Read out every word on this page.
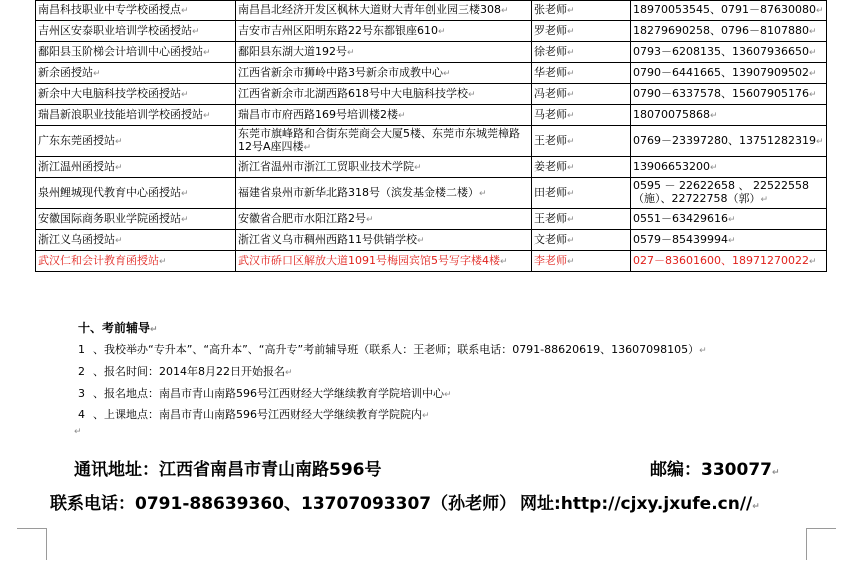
南昌科技职业中专学校函授点↵	南昌昌北经济开发区枫林大道财大青年创业园三楼308↵	张老师↵	18970053545、0791－87630080↵
吉州区安泰职业培训学校函授站↵	吉安市吉州区阳明东路22号东都银座610↵	罗老师↵	18279690258、0796－8107880↵
鄱阳县玉阶梯会计培训中心函授站↵	鄱阳县东湖大道192号↵	徐老师↵	0793－6208135、13607936650↵
新余函授站↵	江西省新余市狮岭中路3号新余市成教中心↵	华老师↵	0790－6441665、13907909502↵
新余中大电脑科技学校函授站↵	江西省新余市北湖西路618号中大电脑科技学校↵	冯老师↵	0790－6337578、15607905176↵
瑞昌新浪职业技能培训学校函授站↵	瑞昌市市府西路169号培训楼2楼↵	马老师↵	18070075868↵
广东东莞函授站↵	东莞市旗峰路和合街东莞商会大厦5楼、东莞市东城莞樟路12号A座四楼↵	王老师↵	0769－23397280、13751282319↵
浙江温州函授站↵	浙江省温州市浙江工贸职业技术学院↵	姜老师↵	13906653200↵
泉州鲤城现代教育中心函授站↵	福建省泉州市新华北路318号（滨发基金楼二楼）↵	田老师↵	0595 － 22622658 、 22522558（施）、22722758（郭）↵
安徽国际商务职业学院函授站↵	安徽省合肥市水阳江路2号↵	王老师↵	0551－63429616↵
浙江义乌函授站↵	浙江省义乌市稠州西路11号供销学校↵	文老师↵	0579－85439994↵
武汉仁和会计教育函授站↵	武汉市硚口区解放大道1091号梅园宾馆5号写字楼4楼↵	李老师↵	027－83601600、18971270022↵
十、考前辅导↵
1 、我校举办“专升本”、“高升本”、“高升专”考前辅导班（联系人：王老师；联系电话：0791-88620619、13607098105）↵
2 、报名时间：2014年8月22日开始报名↵
3 、报名地点：南昌市青山南路596号江西财经大学继续教育学院培训中心↵
4 、上课地点：南昌市青山南路596号江西财经大学继续教育学院院内↵
↵
通讯地址：江西省南昌市青山南路596号	邮编：330077↵
联系电话：0791-88639360、13707093307（孙老师） 网址:http://cjxy.jxufe.cn//↵
